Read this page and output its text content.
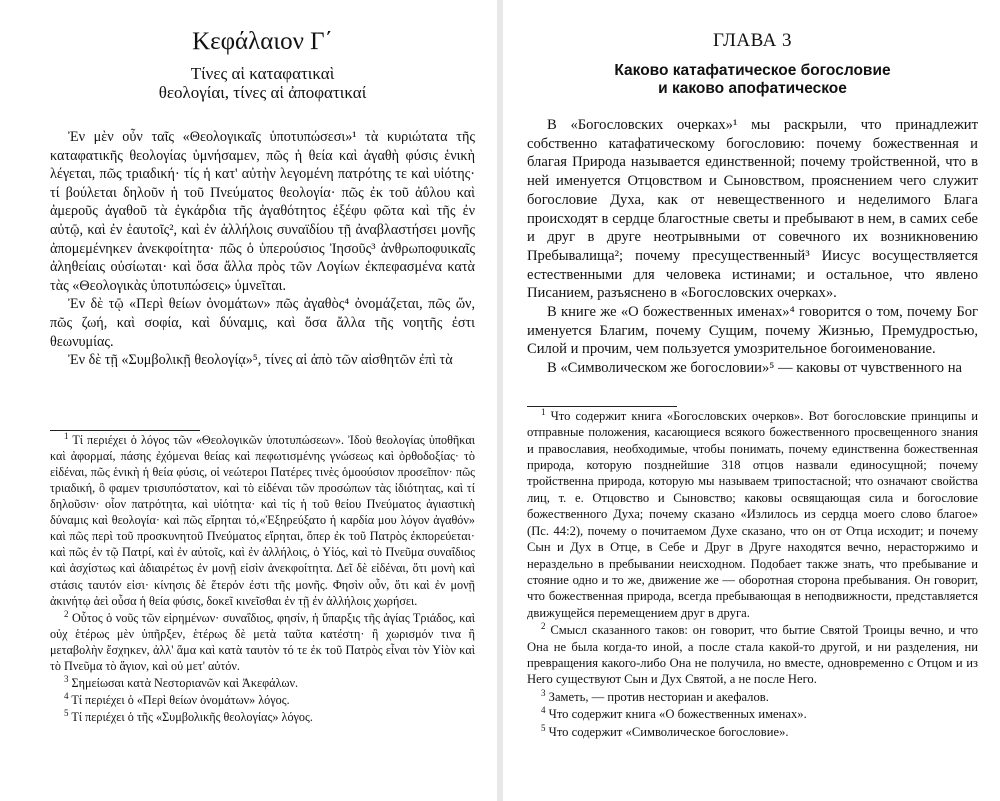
Κεφάλαιον Γ΄
Τίνες αἱ καταφατικαὶ
θεολογίαι, τίνες αἱ ἀποφατικαί

Ἐν μὲν οὖν ταῖς «Θεολογικαῖς ὑποτυπώσεσι»¹ τὰ κυριώτατα τῆς καταφατικῆς θεολογίας ὑμνήσαμεν, πῶς ἡ θεία καὶ ἀγαθὴ φύσις ἑνικὴ λέγεται, πῶς τριαδική· τίς ἡ κατ' αὐτὴν λεγομένη πατρότης τε καὶ υἱότης· τί βούλεται δηλοῦν ἡ τοῦ Πνεύματος θεολογία· πῶς ἐκ τοῦ ἀΰλου καὶ ἀμεροῦς ἀγαθοῦ τὰ ἐγκάρδια τῆς ἀγαθότητος ἐξέφυ φῶτα καὶ τῆς ἐν αὐτῷ, καὶ ἐν ἑαυτοῖς², καὶ ἐν ἀλλήλοις συναϊδίου τῇ ἀναβλαστήσει μονῆς ἀπομεμένηκεν ἀνεκφοίτητα· πῶς ὁ ὑπερούσιος Ἰησοῦς³ ἀνθρωποφυικαῖς ἀληθείαις οὐσίωται· καὶ ὅσα ἄλλα πρὸς τῶν Λογίων ἐκπεφασμένα κατὰ τὰς «Θεολογικὰς ὑποτυπώσεις» ὑμνεῖται.

Ἐν δὲ τῷ «Περὶ θείων ὀνομάτων» πῶς ἀγαθὸς⁴ ὀνομάζεται, πῶς ὤν, πῶς ζωή, καὶ σοφία, καὶ δύναμις, καὶ ὅσα ἄλλα τῆς νοητῆς ἐστι θεωνυμίας.

Ἐν δὲ τῇ «Συμβολικῇ θεολογίᾳ»⁵, τίνες αἱ ἀπὸ τῶν αἰσθητῶν ἐπὶ τὰ

$^1$ Τί περιέχει ὁ λόγος τῶν «Θεολογικῶν ὑποτυπώσεων». Ἰδοὺ θεολογίας ὑποθῆκαι καὶ ἀφορμαί, πάσης ἐχόμεναι θείας καὶ πεφωτισμένης γνώσεως καὶ ὀρθοδοξίας· τὸ εἰδέναι, πῶς ἑνικὴ ἡ θεία φύσις, οἱ νεώτεροι Πατέρες τινὲς ὁμοούσιον προσεῖπον· πῶς τριαδική, ὃ φαμεν τρισυπόστατον, καὶ τὸ εἰδέναι τῶν προσώπων τὰς ἰδιότητας, καὶ τί δηλοῦσιν· οἷον πατρότητα, καὶ υἱότητα· καὶ τίς ἡ τοῦ θείου Πνεύματος ἀγιαστικὴ δύναμις καὶ θεολογία· καὶ πῶς εἴρηται τό,«Ἐξηρεύξατο ἡ καρδία μου λόγον ἀγαθόν» καὶ πῶς περὶ τοῦ προσκυνητοῦ Πνεύματος εἴρηται, ὅπερ ἐκ τοῦ Πατρὸς ἐκπορεύεται· καὶ πῶς ἐν τῷ Πατρί, καὶ ἐν αὐτοῖς, καὶ ἐν ἀλλήλοις, ὁ Υἱός, καὶ τὸ Πνεῦμα συναΐδιος καὶ ἀσχίστως καὶ ἀδιαιρέτως ἐν μονῇ εἰσὶν ἀνεκφοίτητα. Δεῖ δὲ εἰδέναι, ὅτι μονὴ καὶ στάσις ταυτόν εἰσι· κίνησις δὲ ἕτερόν ἐστι τῆς μονῆς. Φησὶν οὖν, ὅτι καὶ ἐν μονῇ ἀκινήτῳ ἀεὶ οὖσα ἡ θεία φύσις, δοκεῖ κινεῖσθαι ἐν τῇ ἐν ἀλλήλοις χωρήσει.

$^2$ Οὗτος ὁ νοῦς τῶν εἰρημένων· συναΐδιος, φησίν, ἡ ὕπαρξις τῆς ἁγίας Τριάδος, καὶ οὐχ ἑτέρως μὲν ὑπῆρξεν, ἑτέρως δὲ μετὰ ταῦτα κατέστη· ἢ χωρισμόν τινα ἢ μεταβολὴν ἔσχηκεν, ἀλλ' ἅμα καὶ κατὰ ταυτὸν τό τε ἐκ τοῦ Πατρὸς εἶναι τὸν Υἱὸν καὶ τὸ Πνεῦμα τὸ ἅγιον, καὶ οὐ μετ' αὐτόν.

$^3$ Σημείωσαι κατὰ Νεστοριανῶν καὶ Ἀκεφάλων.

$^4$ Τί περιέχει ὁ «Περὶ θείων ὀνομάτων» λόγος.

$^5$ Τί περιέχει ὁ τῆς «Συμβολικῆς θεολογίας» λόγος.

ГЛАВА 3
Каково катафатическое богословие
и каково апофатическое

В «Богословских очерках»¹ мы раскрыли, что принадлежит собственно катафатическому богословию: почему божественная и благая Природа называется единственной; почему тройственной, что в ней именуется Отцовством и Сыновством, прояснением чего служит богословие Духа, как от невещественного и неделимого Блага происходят в сердце благостные светы и пребывают в нем, в самих себе и друг в друге неотрывными от совечного их возникновению Пребывалища²; почему пресущественный³ Иисус восуществляется естественными для человека истинами; и остальное, что явлено Писанием, разъяснено в «Богословских очерках».

В книге же «О божественных именах»⁴ говорится о том, почему Бог именуется Благим, почему Сущим, почему Жизнью, Премудростью, Силой и прочим, чем пользуется умозрительное богоименование.

В «Символическом же богословии»⁵ — каковы от чувственного на

$^1$ Что содержит книга «Богословских очерков». Вот богословские принципы и отправные положения, касающиеся всякого божественного просвещенного знания и православия, необходимые, чтобы понимать, почему единственна божественная природа, которую позднейшие 318 отцов назвали единосущной; почему тройственна природа, которую мы называем трипостасной; что означают свойства лиц, т. е. Отцовство и Сыновство; каковы освящающая сила и богословие божественного Духа; почему сказано «Излилось из сердца моего слово благое» (Пс. 44:2), почему о почитаемом Духе сказано, что он от Отца исходит; и почему Сын и Дух в Отце, в Себе и Друг в Друге находятся вечно, нерасторжимо и нераздельно в пребывании неисходном. Подобает также знать, что пребывание и стояние одно и то же, движение же — оборотная сторона пребывания. Он говорит, что божественная природа, всегда пребывающая в неподвижности, представляется движущейся перемещением друг в друга.

$^2$ Смысл сказанного таков: он говорит, что бытие Святой Троицы вечно, и что Она не была когда-то иной, а после стала какой-то другой, и ни разделения, ни превращения какого-либо Она не получила, но вместе, одновременно с Отцом и из Него существуют Сын и Дух Святой, а не после Него.

$^3$ Заметь, — против несториан и акефалов.

$^4$ Что содержит книга «О божественных именах».

$^5$ Что содержит «Символическое богословие».
